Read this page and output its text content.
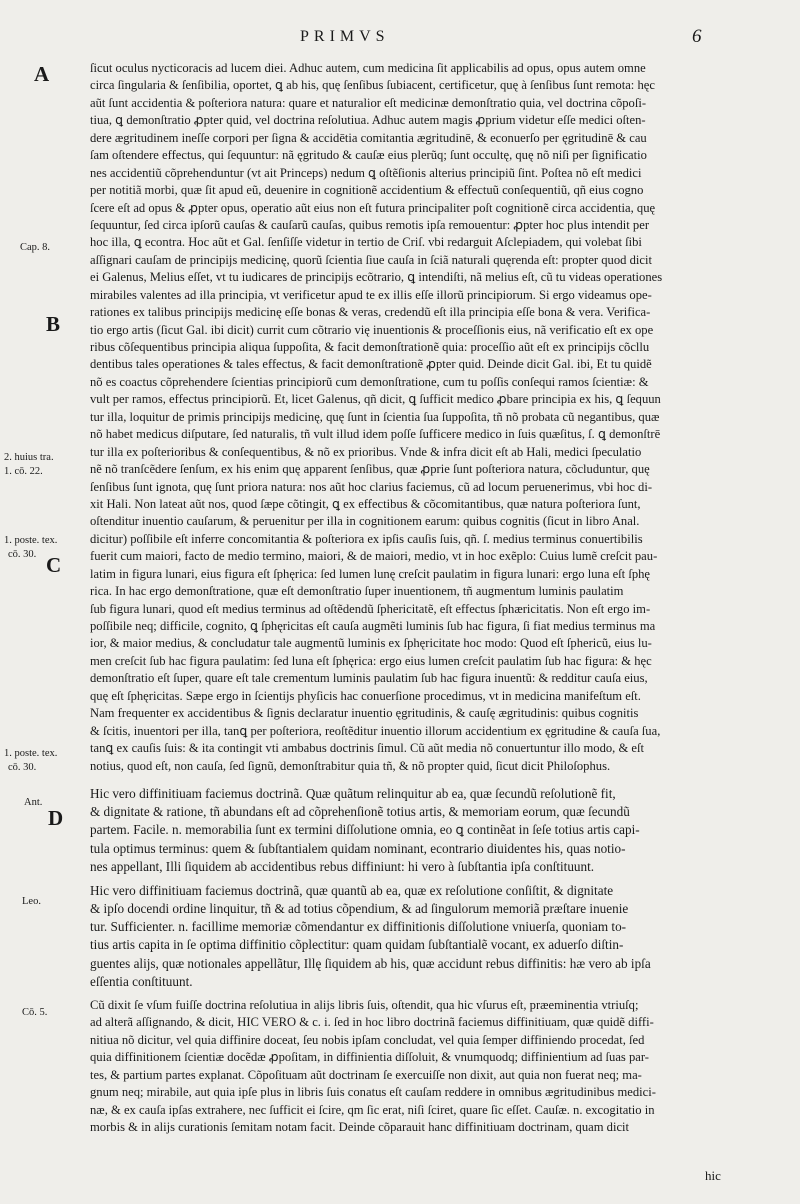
PRIMVS	6
A
B
C
D
Cap. 8.
2. huius tra.
1. cō. 22.
1. poste. tex.
cō. 30.
1. poste. tex.
cō. 30.
Ant.
Leo.
Cō. 5.
ſicut oculus nycticoracis ad lucem diei. Adhuc autem, cum medicina ſit applicabilis ad opus, opus autem omne
circa ſingularia & ſenſibilia, oportet, ꝗ ab his, quę ſenſibus ſubiacent, certificetur, quę à ſenſibus ſunt remota: hęc
aũt ſunt accidentia & poſteriora natura: quare et naturalior eſt medicinæ demonſtratio quia, vel doctrina cõpoſi-
tiua, ꝗ demonſtratio ꝓpter quid, vel doctrina reſolutiua. Adhuc autem magis ꝓprium videtur eſſe medici oſten-
dere ægritudinem ineſſe corpori per ſigna & accidētia comitantia ægritudinē, & econuerſo per ęgritudinē & cau
ſam oſtendere effectus, qui ſequuntur: nã ęgritudo & cauſæ eius plerũq; ſunt occultę, quę nõ niſi per ſignificatio
nes accidentiũ cõprehenduntur (vt ait Princeps) nedum ꝗ oſtẽſionis alterius principiũ ſint. Poſtea nõ eſt medici
per notitiã morbi, quæ ſit apud eũ, deuenire in cognitionẽ accidentium & effectuũ conſequentiũ, qñ eius cogno
ſcere eſt ad opus & ꝓpter opus, operatio aũt eius non eſt futura principaliter poſt cognitionẽ circa accidentia, quę
ſequuntur, ſed circa ipſorũ cauſas & cauſarũ cauſas, quibus remotis ipſa remouentur: ꝓpter hoc plus intendit per
hoc illa, ꝗ econtra. Hoc aũt et Gal. ſenſiſſe videtur in tertio de Criſ. vbi redarguit Aſclepiadem, qui volebat ſibi
aſſignari cauſam de principijs medicinę, quorũ ſcientia ſiue cauſa in ſciã naturali quęrenda eſt: propter quod dicit
ei Galenus, Melius eſſet, vt tu iudicares de principijs ecõtrario, ꝗ intendiſti, nã melius eſt, cũ tu videas operationes
mirabiles valentes ad illa principia, vt verificetur apud te ex illis eſſe illorũ principiorum. Si ergo videamus ope-
rationes ex talibus principijs medicinę eſſe bonas & veras, credendũ eſt illa principia eſſe bona & vera. Verifica-
tio ergo artis (ſicut Gal. ibi dicit) currit cum cõtrario vię inuentionis & proceſſionis eius, nã verificatio eſt ex ope
ribus cõſequentibus principia aliqua ſuppoſita, & facit demonſtrationẽ quia: proceſſio aũt eſt ex principijs cõcllu
dentibus tales operationes & tales effectus, & facit demonſtrationẽ ꝓpter quid. Deinde dicit Gal. ibi, Et tu quidẽ
nõ es coactus cõprehendere ſcientias principiorũ cum demonſtratione, cum tu poſſis conſequi ramos ſcientiæ: &
vult per ramos, effectus principiorũ. Et, licet Galenus, qñ dicit, ꝗ ſufficit medico ꝓbare principia ex his, ꝗ ſequun
tur illa, loquitur de primis principijs medicinę, quę ſunt in ſcientia ſua ſuppoſita, tñ nõ probata cũ negantibus, quæ
nõ habet medicus diſputare, ſed naturalis, tñ vult illud idem poſſe ſufficere medico in ſuis quæſitus, ſ. ꝗ demonſtrē
tur illa ex poſterioribus & conſequentibus, & nõ ex prioribus. Vnde & infra dicit eſt ab Hali, medici ſpeculatio
nẽ nõ tranſcẽdere ſenſum, ex his enim quę apparent ſenſibus, quæ ꝓprie ſunt poſteriora natura, cõcluduntur, quę
ſenſibus ſunt ignota, quę ſunt priora natura: nos aũt hoc clarius faciemus, cũ ad locum peruenerimus, vbi hoc di-
xit Hali. Non lateat aũt nos, quod ſæpe cõtingit, ꝗ ex effectibus & cõcomitantibus, quæ natura poſteriora ſunt,
oſtenditur inuentio cauſarum, & peruenitur per illa in cognitionem earum: quibus cognitis (ſicut in libro Anal.
dicitur) poſſibile eſt inferre concomitantia & poſteriora ex ipſis cauſis ſuis, qñ. ſ. medius terminus conuertibilis
fuerit cum maiori, facto de medio termino, maiori, & de maiori, medio, vt in hoc exẽplo: Cuius lumẽ creſcit pau-
latim in figura lunari, eius figura eſt ſphęrica: ſed lumen lunę creſcit paulatim in figura lunari: ergo luna eſt ſphę
rica. In hac ergo demonſtratione, quæ eſt demonſtratio ſuper inuentionem, tñ augmentum luminis paulatim
ſub figura lunari, quod eſt medius terminus ad oſtẽdendũ ſphericitatẽ, eſt effectus ſphæricitatis. Non eſt ergo im-
poſſibile neq; difficile, cognito, ꝗ ſphęricitas eſt cauſa augmẽti luminis ſub hac figura, ſi fiat medius terminus ma
ior, & maior medius, & concludatur tale augmentũ luminis ex ſphęricitate hoc modo: Quod eſt ſphericũ, eius lu-
men creſcit ſub hac figura paulatim: ſed luna eſt ſphęrica: ergo eius lumen creſcit paulatim ſub hac figura: & hęc
demonſtratio eſt ſuper, quare eſt tale crementum luminis paulatim ſub hac figura inuentũ: & redditur cauſa eius,
quę eſt ſphęricitas. Sæpe ergo in ſcientijs phyſicis hac conuerſione procedimus, vt in medicina manifeſtum eſt.
Nam frequenter ex accidentibus & ſignis declaratur inuentio ęgritudinis, & cauſę ægritudinis: quibus cognitis
& ſcitis, inuentori per illa, tanꝗ per poſteriora, reoſtẽditur inuentio illorum accidentium ex ęgritudine & cauſa ſua,
tanꝗ ex cauſis ſuis: & ita contingit vti ambabus doctrinis ſimul. Cũ aũt media nõ conuertuntur illo modo, & eſt
notius, quod eſt, non cauſa, ſed ſignũ, demonſtrabitur quia tñ, & nõ propter quid, ſicut dicit Philoſophus.
Hic vero diffinitiuam faciemus doctrinã. Quæ quãtum relinquitur ab ea, quæ ſecundũ reſolutionẽ fit,
& dignitate & ratione, tñ abundans eſt ad cõprehenſionẽ totius artis, & memoriam eorum, quæ ſecundũ
partem. Facile. n. memorabilia ſunt ex termini diſſolutione omnia, eo ꝗ continẽat in ſeſe totius artis capi-
tula optimus terminus: quem & ſubſtantialem quidam nominant, econtrario diuidentes his, quas notio-
nes appellant, Illi ſiquidem ab accidentibus rebus diffiniunt: hi vero à ſubſtantia ipſa conſtituunt.
Hic vero diffinitiuam faciemus doctrinã, quæ quantũ ab ea, quæ ex reſolutione conſiſtit, & dignitate
& ipſo docendi ordine linquitur, tñ & ad totius cõpendium, & ad ſingulorum memoriã præſtare inuenie
tur. Sufficienter. n. facillime memoriæ cõmendantur ex diffinitionis diſſolutione vniuerſa, quoniam to-
tius artis capita in ſe optima diffinitio cõplectitur: quam quidam ſubſtantialẽ vocant, ex aduerſo diſtin-
guentes alijs, quæ notionales appellãtur, Illę ſiquidem ab his, quæ accidunt rebus diffinitis: hæ vero ab ipſa
eſſentia conſtituunt.
Cũ dixit ſe vſum fuiſſe doctrina reſolutiua in alijs libris ſuis, oſtendit, qua hic vſurus eſt, præeminentia vtriuſq;
ad alterã aſſignando, & dicit, HIC VERO & c. i. ſed in hoc libro doctrinã faciemus diffinitiuam, quæ quidẽ diffi-
nitiua nõ dicitur, vel quia diffinire doceat, ſeu nobis ipſam concludat, vel quia ſemper diffiniendo procedat, ſed
quia diffinitionem ſcientiæ docẽdæ ꝓpoſitam, in diffinientia diſſoluit, & vnumquodq; diffinientium ad ſuas par-
tes, & partium partes explanat. Cõpoſituam aũt doctrinam ſe exercuiſſe non dixit, aut quia non fuerat neq; ma-
gnum neq; mirabile, aut quia ipſe plus in libris ſuis conatus eſt cauſam reddere in omnibus ægritudinibus medici-
næ, & ex cauſa ipſas extrahere, nec ſufficit ei ſcire, qm ſic erat, niſi ſciret, quare ſic eſſet. Cauſæ. n. excogitatio in
morbis & in alijs curationis ſemitam notam facit. Deinde cõparauit hanc diffinitiuam doctrinam, quam dicit
hic
